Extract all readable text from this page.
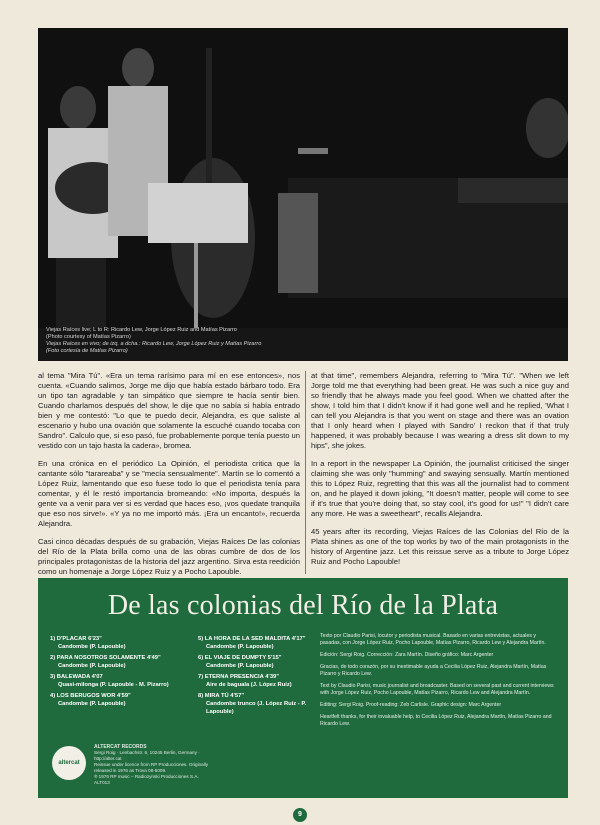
Viejas Raíces live; L to R: Ricardo Lew, Jorge López Ruiz and Matías Pizarro
(Photo courtesy of Matías Pizarro)
Viejas Raíces en vivo; de izq. a dcha.: Ricardo Lew, Jorge López Ruiz y Matías Pizarro
(Foto cortesía de Matías Pizarro)

al tema "Mira Tú". «Era un tema rarísimo para mí en ese entonces», nos cuenta. «Cuando salimos, Jorge me dijo que había estado bárbaro todo. Era un tipo tan agradable y tan simpático que siempre te hacía sentir bien. Cuando charlamos después del show, le dije que no sabía si había entrado bien y me contestó: "Lo que te puedo decir, Alejandra, es que saliste al escenario y hubo una ovación que solamente la escuché cuando tocaba con Sandro". Calculo que, si eso pasó, fue probablemente porque tenía puesto un vestido con un tajo hasta la cadera», bromea.

En una crónica en el periódico La Opinión, el periodista critica que la cantante sólo "tarareaba" y se "mecía sensualmente". Martín se lo comentó a López Ruiz, lamentando que eso fuese todo lo que el periodista tenía para comentar, y él le restó importancia bromeando: «No importa, después la gente va a venir para ver si es verdad que haces eso, ¡vos quedate tranquila que eso nos sirve!». «Y ya no me importó más. ¡Era un encanto!», recuerda Alejandra.

Casi cinco décadas después de su grabación, Viejas Raíces De las colonias del Río de la Plata brilla como una de las obras cumbre de dos de los principales protagonistas de la historia del jazz argentino. Sirva esta reedición como un homenaje a Jorge López Ruiz y a Pocho Lapouble.

at that time", remembers Alejandra, referring to "Mira Tú". "When we left Jorge told me that everything had been great. He was such a nice guy and so friendly that he always made you feel good. When we chatted after the show, I told him that I didn't know if it had gone well and he replied, 'What I can tell you Alejandra is that you went on stage and there was an ovation that I only heard when I played with Sandro' I reckon that if that truly happened, it was probably because I was wearing a dress slit down to my hips", she jokes.

In a report in the newspaper La Opinión, the journalist criticised the singer claiming she was only "humming" and swaying sensually. Martín mentioned this to López Ruiz, regretting that this was all the journalist had to comment on, and he played it down joking, "It doesn't matter, people will come to see if it's true that you're doing that, so stay cool, it's good for us!" "I didn't care any more. He was a sweetheart", recalls Alejandra.

45 years after its recording, Viejas Raíces de las Colonias del Río de la Plata shines as one of the top works by two of the main protagonists in the history of Argentine jazz. Let this reissue serve as a tribute to Jorge López Ruiz and Pocho Lapouble!

De las colonias del Río de la Plata
1) D'PLACAR 6'23"
Candombe (P. Lapouble)
2) PARA NOSOTROS SOLAMENTE 4'49"
Candombe (P. Lapouble)
3) BALEWADA 4'07
Quasi-milonga (P. Lapouble - M. Pizarro)
4) LOS BERUGOS WOR 4'59"
Candombe (P. Lapouble)
5) LA HORA DE LA SED MALDITA 4'17"
Candombe (P. Lapouble)
6) EL VIAJE DE DUMPTY 5'15"
Candombe (P. Lapouble)
7) ETERNA PRESENCIA 4'39"
Aire de baguala (J. López Ruiz)
8) MIRA TÚ 4'57"
Candombe trunco (J. López Ruiz - P. Lapouble)

Texto por Claudio Parisi, locutor y periodista musical. Basado en varias entrevistas, actuales y pasadas, con Jorge López Ruiz, Pocho Lapouble, Matías Pizarro, Ricardo Lew y Alejandra Martín.

Edición: Sergi Roig. Corrección: Zara Martín. Diseño gráfico: Marc Argenter

Gracias, de todo corazón, por su inestimable ayuda a Cecilia López Ruiz, Alejandra Martín, Matías Pizarro y Ricardo Lew.

Text by Claudio Parisi, music journalist and broadcaster. Based on several past and current interviews with Jorge López Ruiz, Pocho Lapouble, Matías Pizarro, Ricardo Lew and Alejandra Martín.

Editing: Sergi Roig. Proof-reading: Zeb Carlisle. Graphic design: Marc Argenter

Heartfelt thanks, for their invaluable help, to Cecilia López Ruiz, Alejandra Martín, Matías Pizarro and Ricardo Lew.

altercat
ALTERCAT RECORDS
Sergi Roig · Lenbachstr. 6, 10245 Berlin, Germany · http://alter.cat
Reissue under licence from RP Producciones. Originally released in 1976 as Trova 08-5009.
℗ 1976 RP music – Radiozynski Producciones S.A.
ALT013
9
